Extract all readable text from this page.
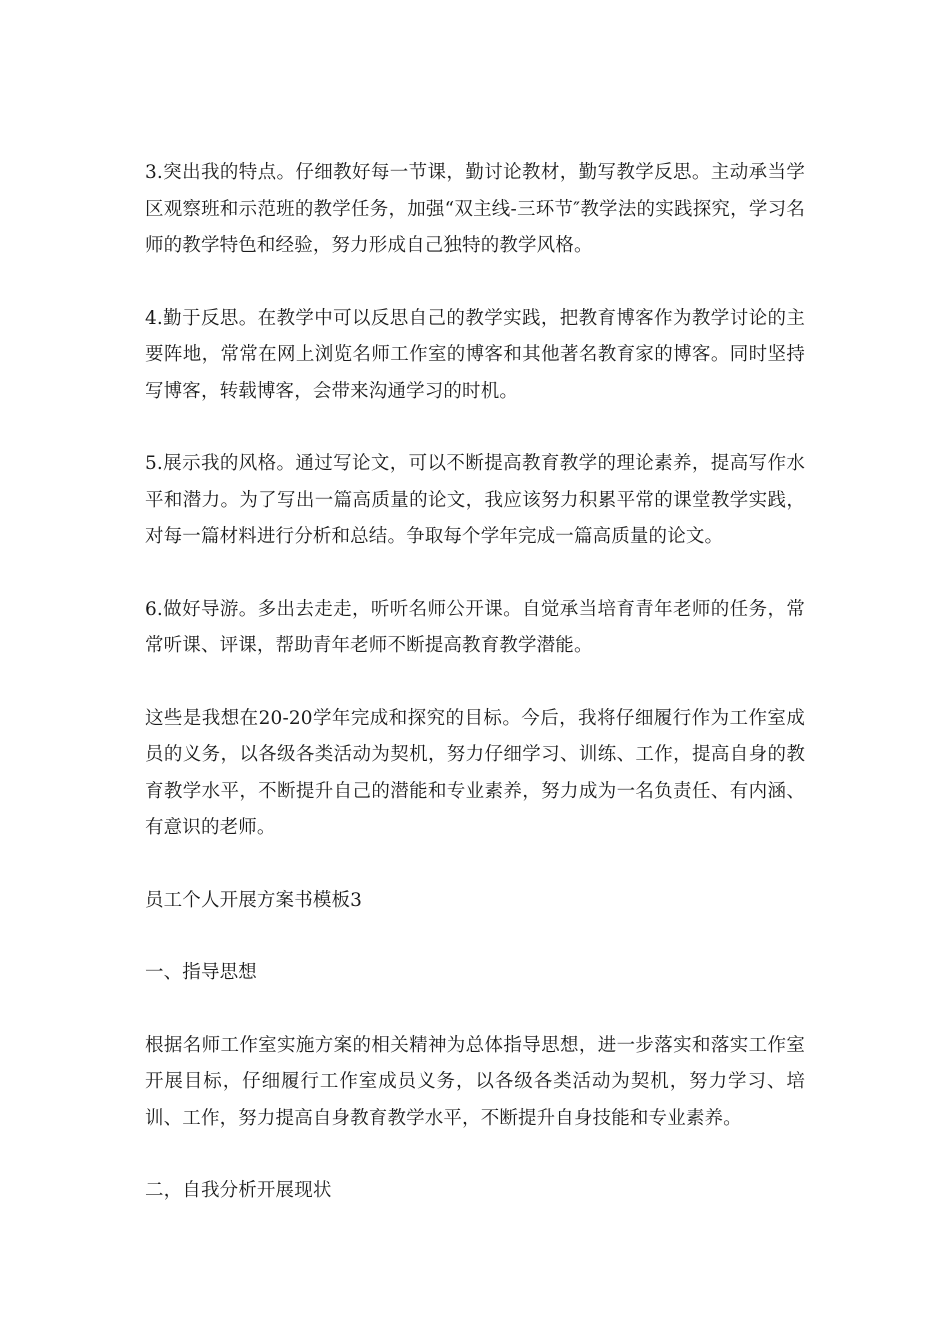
3.突出我的特点。仔细教好每一节课，勤讨论教材，勤写教学反思。主动承当学区观察班和示范班的教学任务，加强“双主线-三环节″教学法的实践探究，学习名师的教学特色和经验，努力形成自己独特的教学风格。

4.勤于反思。在教学中可以反思自己的教学实践，把教育博客作为教学讨论的主要阵地，常常在网上浏览名师工作室的博客和其他著名教育家的博客。同时坚持写博客，转载博客，会带来沟通学习的时机。

5.展示我的风格。通过写论文，可以不断提高教育教学的理论素养，提高写作水平和潜力。为了写出一篇高质量的论文，我应该努力积累平常的课堂教学实践，对每一篇材料进行分析和总结。争取每个学年完成一篇高质量的论文。

6.做好导游。多出去走走，听听名师公开课。自觉承当培育青年老师的任务，常常听课、评课，帮助青年老师不断提高教育教学潜能。

这些是我想在20-20学年完成和探究的目标。今后，我将仔细履行作为工作室成员的义务，以各级各类活动为契机，努力仔细学习、训练、工作，提高自身的教育教学水平，不断提升自己的潜能和专业素养，努力成为一名负责任、有内涵、有意识的老师。

员工个人开展方案书模板3

一、指导思想

根据名师工作室实施方案的相关精神为总体指导思想，进一步落实和落实工作室开展目标，仔细履行工作室成员义务，以各级各类活动为契机，努力学习、培训、工作，努力提高自身教育教学水平，不断提升自身技能和专业素养。

二，自我分析开展现状
